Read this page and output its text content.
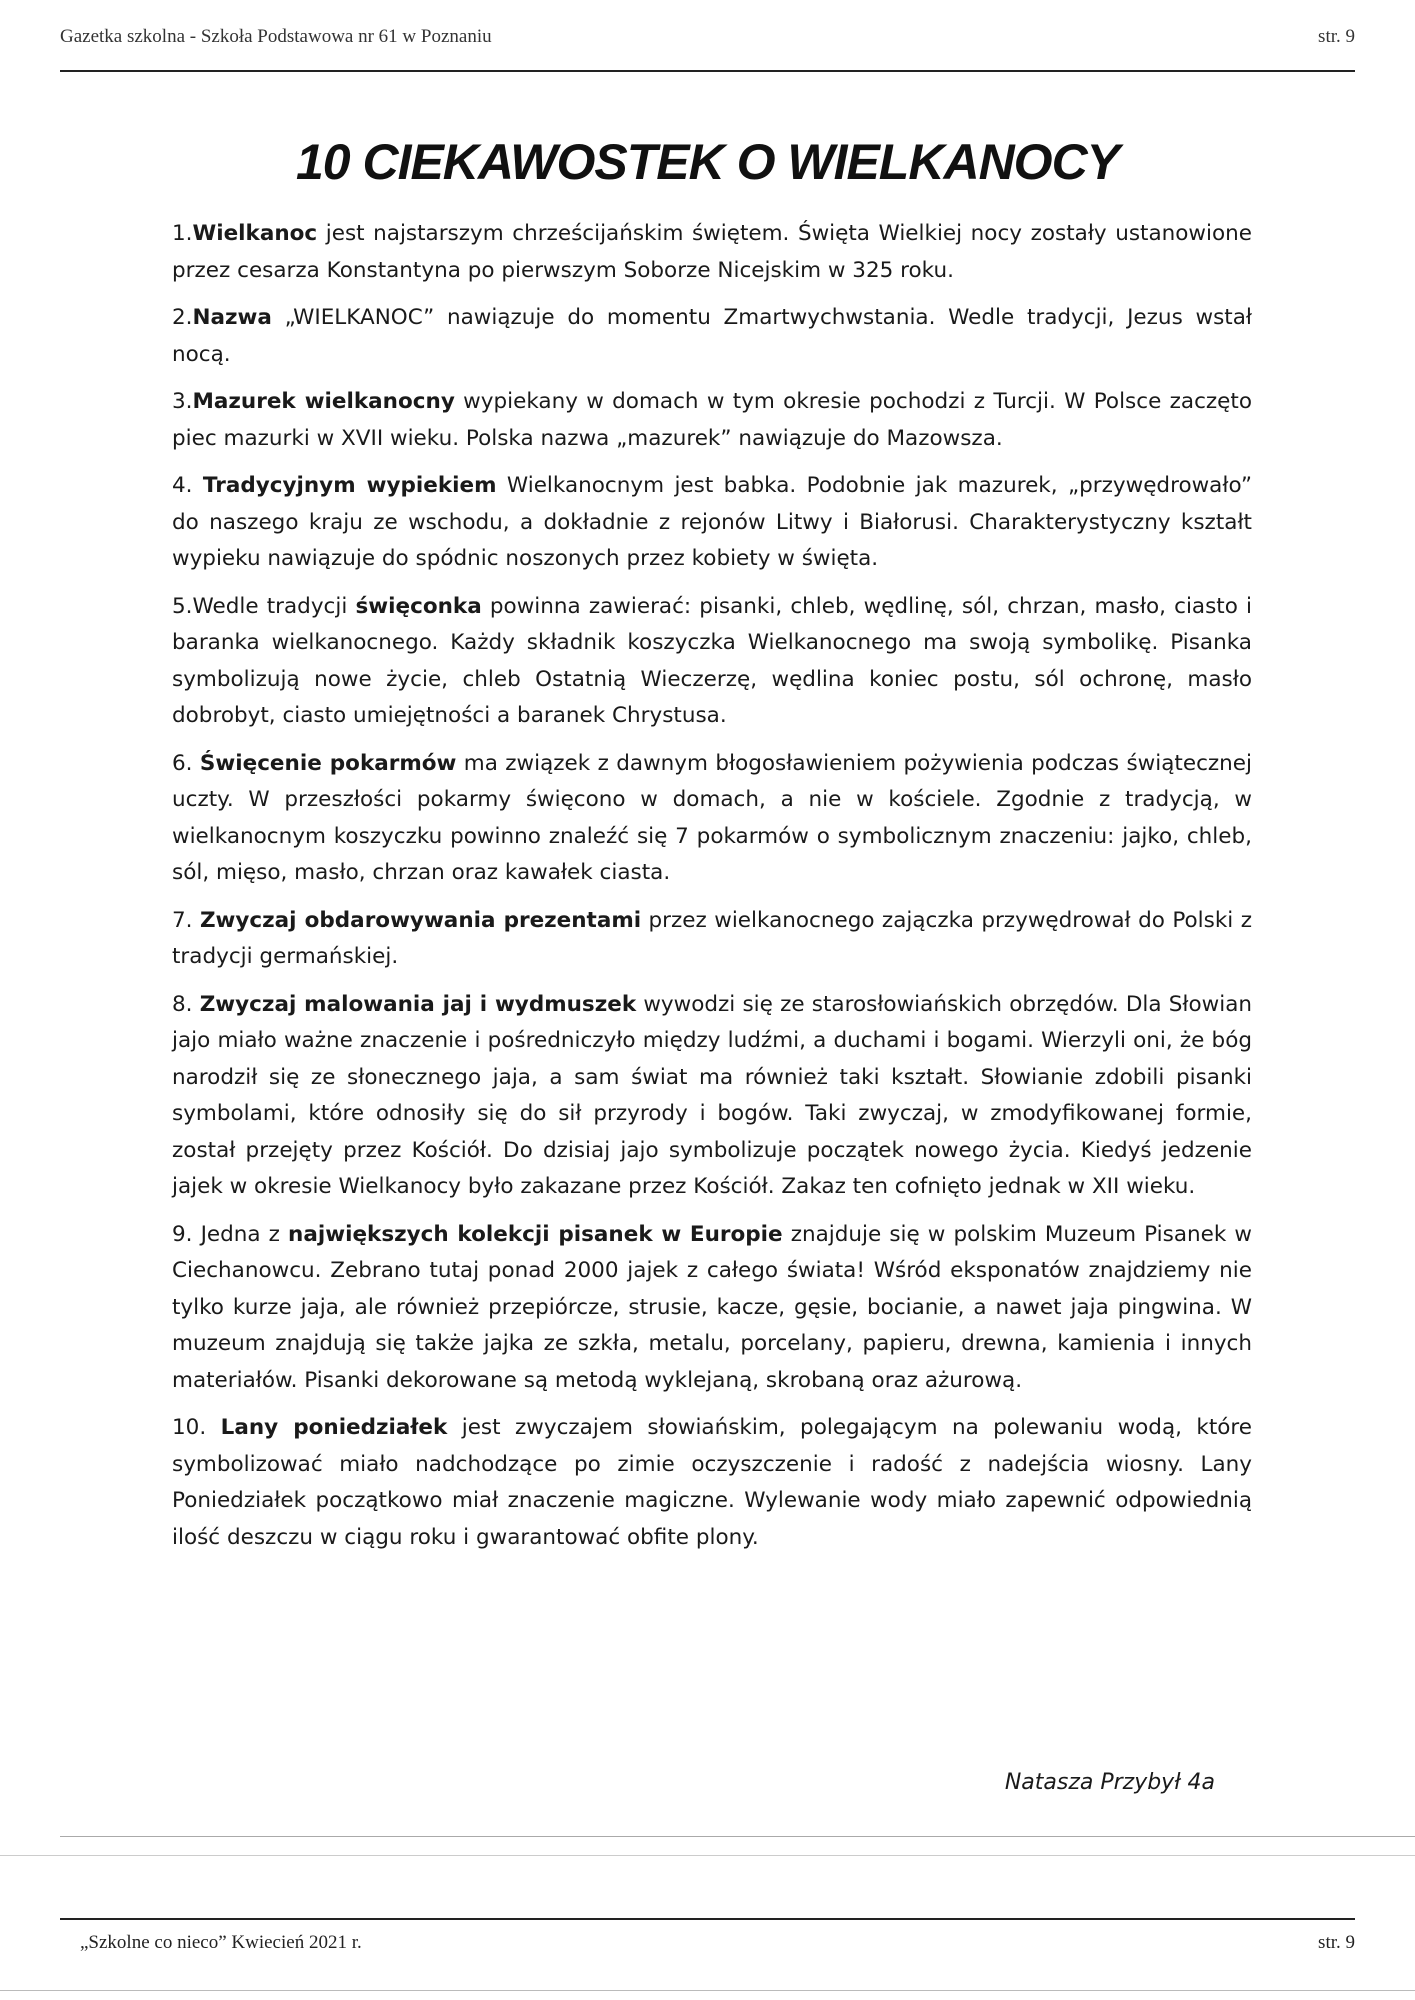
Gazetka szkolna - Szkoła Podstawowa nr 61 w Poznaniu	str. 9
10 CIEKAWOSTEK O WIELKANOCY

1.Wielkanoc jest najstarszym chrześcijańskim świętem. Święta Wielkiej nocy zostały ustanowione przez cesarza Konstantyna po pierwszym Soborze Nicejskim w 325 roku.

2.Nazwa „WIELKANOC” nawiązuje do momentu Zmartwychwstania. Wedle tradycji, Jezus wstał nocą.

3.Mazurek wielkanocny wypiekany w domach w tym okresie pochodzi z Turcji. W Polsce zaczęto piec mazurki w XVII wieku. Polska nazwa „mazurek” nawiązuje do Mazowsza.

4. Tradycyjnym wypiekiem Wielkanocnym jest babka. Podobnie jak mazurek, „przywędrowało” do naszego kraju ze wschodu, a dokładnie z rejonów Litwy i Białorusi. Charakterystyczny kształt wypieku nawiązuje do spódnic noszonych przez kobiety w święta.

5.Wedle tradycji święconka powinna zawierać: pisanki, chleb, wędlinę, sól, chrzan, masło, ciasto i baranka wielkanocnego. Każdy składnik koszyczka Wielkanocnego ma swoją symbolikę. Pisanka symbolizują nowe życie, chleb Ostatnią Wieczerzę, wędlina koniec postu, sól ochronę, masło dobrobyt, ciasto umiejętności a baranek Chrystusa.

6. Święcenie pokarmów ma związek z dawnym błogosławieniem pożywienia podczas świątecznej uczty. W przeszłości pokarmy święcono w domach, a nie w kościele. Zgodnie z tradycją, w wielkanocnym koszyczku powinno znaleźć się 7 pokarmów o symbolicznym znaczeniu: jajko, chleb, sól, mięso, masło, chrzan oraz kawałek ciasta.

7. Zwyczaj obdarowywania prezentami przez wielkanocnego zajączka przywędrował do Polski z tradycji germańskiej.

8. Zwyczaj malowania jaj i wydmuszek wywodzi się ze starosłowiańskich obrzędów. Dla Słowian jajo miało ważne znaczenie i pośredniczyło między ludźmi, a duchami i bogami. Wierzyli oni, że bóg narodził się ze słonecznego jaja, a sam świat ma również taki kształt. Słowianie zdobili pisanki symbolami, które odnosiły się do sił przyrody i bogów. Taki zwyczaj, w zmodyfikowanej formie, został przejęty przez Kościół. Do dzisiaj jajo symbolizuje początek nowego życia. Kiedyś jedzenie jajek w okresie Wielkanocy było zakazane przez Kościół. Zakaz ten cofnięto jednak w XII wieku.

9. Jedna z największych kolekcji pisanek w Europie znajduje się w polskim Muzeum Pisanek w Ciechanowcu. Zebrano tutaj ponad 2000 jajek z całego świata! Wśród eksponatów znajdziemy nie tylko kurze jaja, ale również przepiórcze, strusie, kacze, gęsie, bocianie, a nawet jaja pingwina. W muzeum znajdują się także jajka ze szkła, metalu, porcelany, papieru, drewna, kamienia i innych materiałów. Pisanki dekorowane są metodą wyklejaną, skrobaną oraz ażurową.

10. Lany poniedziałek jest zwyczajem słowiańskim, polegającym na polewaniu wodą, które symbolizować miało nadchodzące po zimie oczyszczenie i radość z nadejścia wiosny. Lany Poniedziałek początkowo miał znaczenie magiczne. Wylewanie wody miało zapewnić odpowiednią ilość deszczu w ciągu roku i gwarantować obfite plony.

Natasza Przybył 4a
„Szkolne co nieco” Kwiecień 2021 r.	str. 9
